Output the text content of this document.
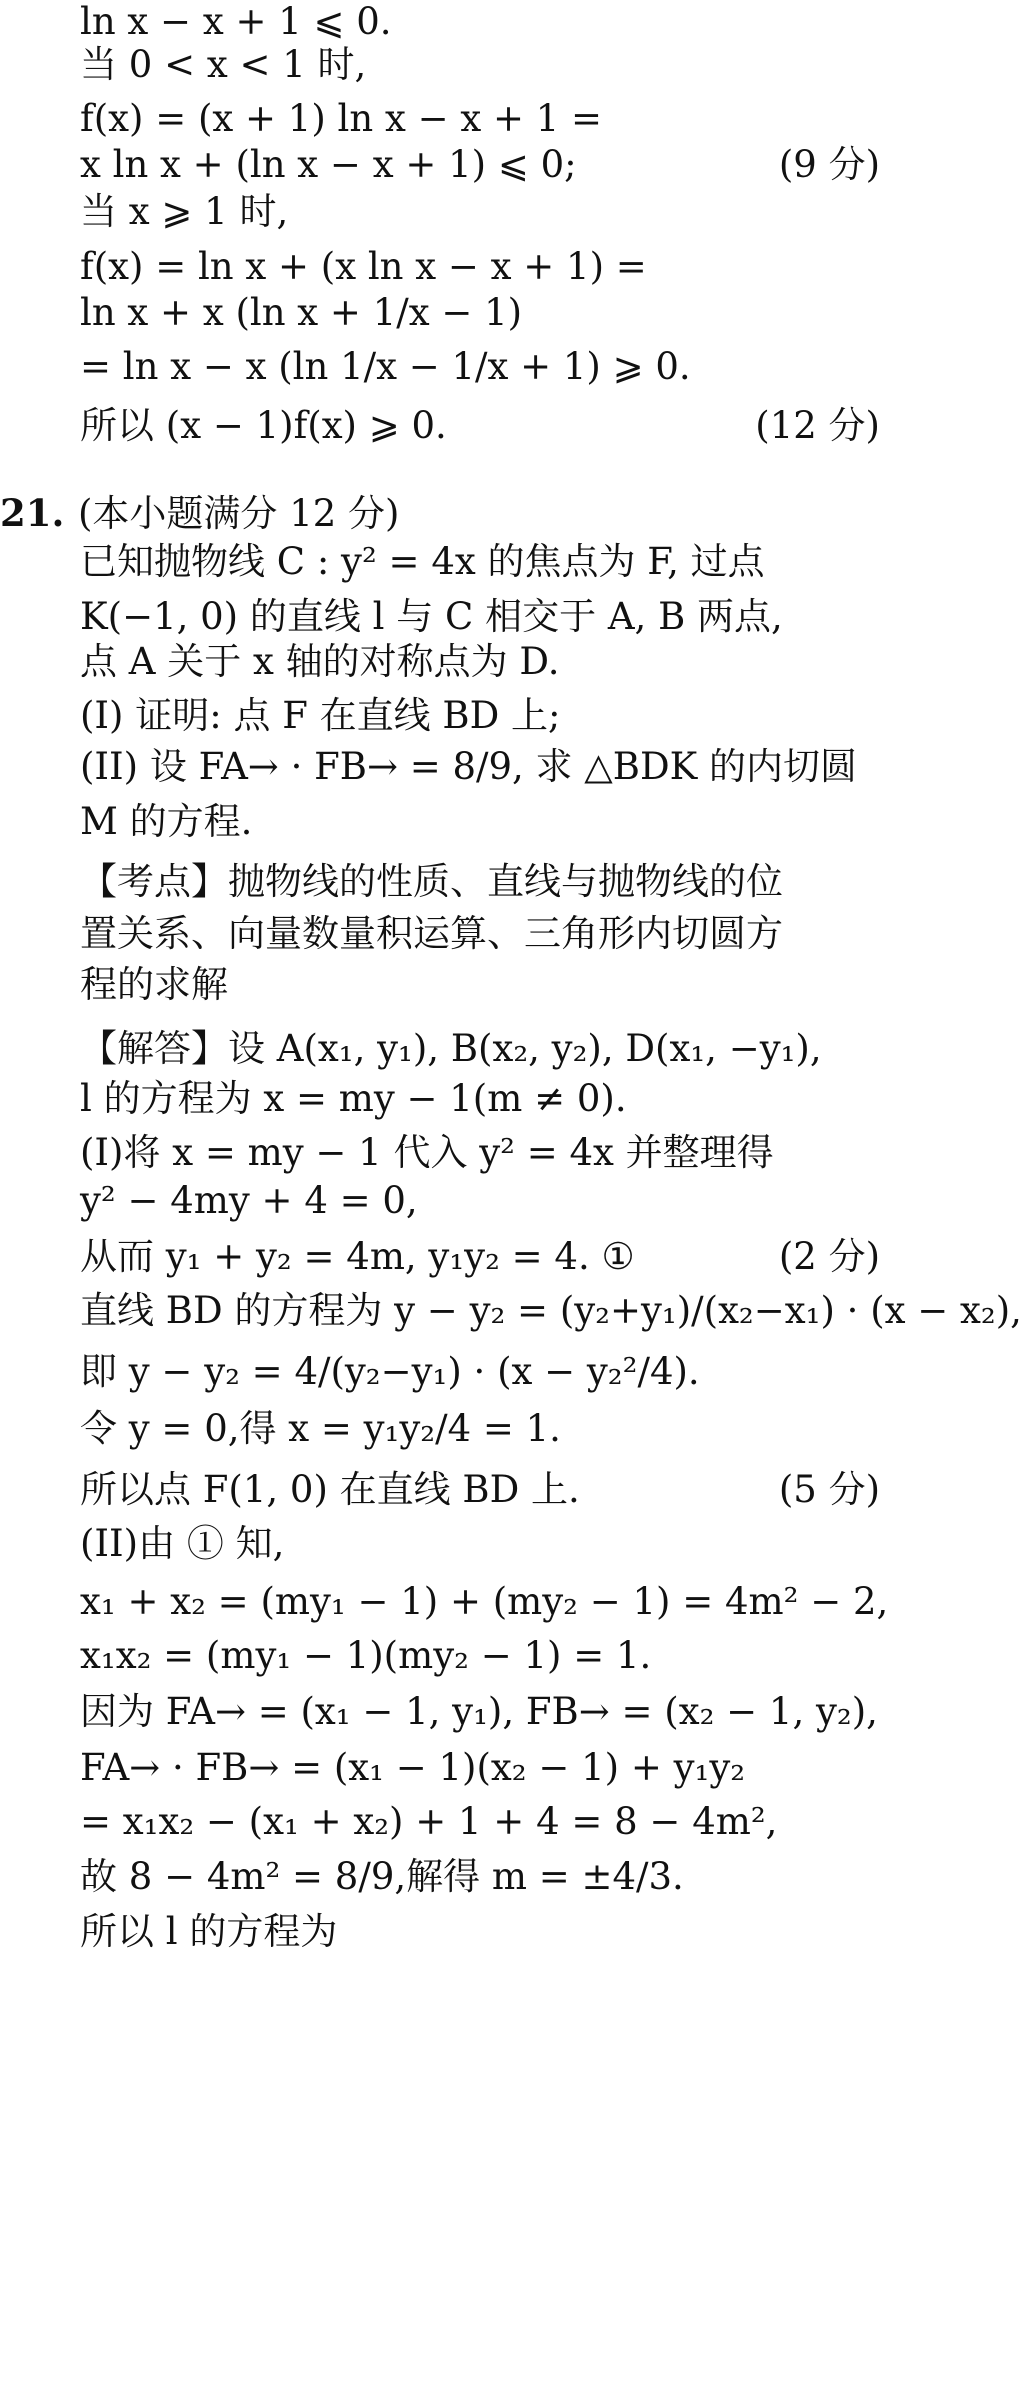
ln x − x + 1 ⩽ 0.
当 0 < x < 1 时,
f(x) = (x + 1) ln x − x + 1 =
x ln x + (ln x − x + 1) ⩽ 0;	(9 分)
当 x ⩾ 1 时,
f(x) = ln x + (x ln x − x + 1) =
ln x + x (ln x + 1/x − 1)
= ln x − x (ln 1/x − 1/x + 1) ⩾ 0.
所以 (x − 1)f(x) ⩾ 0.	(12 分)
21. (本小题满分 12 分)
已知抛物线 C : y² = 4x 的焦点为 F, 过点
K(−1, 0) 的直线 l 与 C 相交于 A, B 两点,
点 A 关于 x 轴的对称点为 D.
(I) 证明: 点 F 在直线 BD 上;
(II) 设 FA→ · FB→ = 8/9, 求 △BDK 的内切圆
M 的方程.
【考点】抛物线的性质、直线与抛物线的位
置关系、向量数量积运算、三角形内切圆方
程的求解
【解答】设 A(x₁, y₁), B(x₂, y₂), D(x₁, −y₁),
l 的方程为 x = my − 1(m ≠ 0).
(I)将 x = my − 1 代入 y² = 4x 并整理得
y² − 4my + 4 = 0,
从而 y₁ + y₂ = 4m, y₁y₂ = 4. ①	(2 分)
直线 BD 的方程为 y − y₂ = (y₂+y₁)/(x₂−x₁) · (x − x₂),
即 y − y₂ = 4/(y₂−y₁) · (x − y₂²/4).
令 y = 0,得 x = y₁y₂/4 = 1.
所以点 F(1, 0) 在直线 BD 上.	(5 分)
(II)由 ① 知,
x₁ + x₂ = (my₁ − 1) + (my₂ − 1) = 4m² − 2,
x₁x₂ = (my₁ − 1)(my₂ − 1) = 1.
因为 FA→ = (x₁ − 1, y₁), FB→ = (x₂ − 1, y₂),
FA→ · FB→ = (x₁ − 1)(x₂ − 1) + y₁y₂
= x₁x₂ − (x₁ + x₂) + 1 + 4 = 8 − 4m²,
故 8 − 4m² = 8/9,解得 m = ±4/3.
所以 l 的方程为
